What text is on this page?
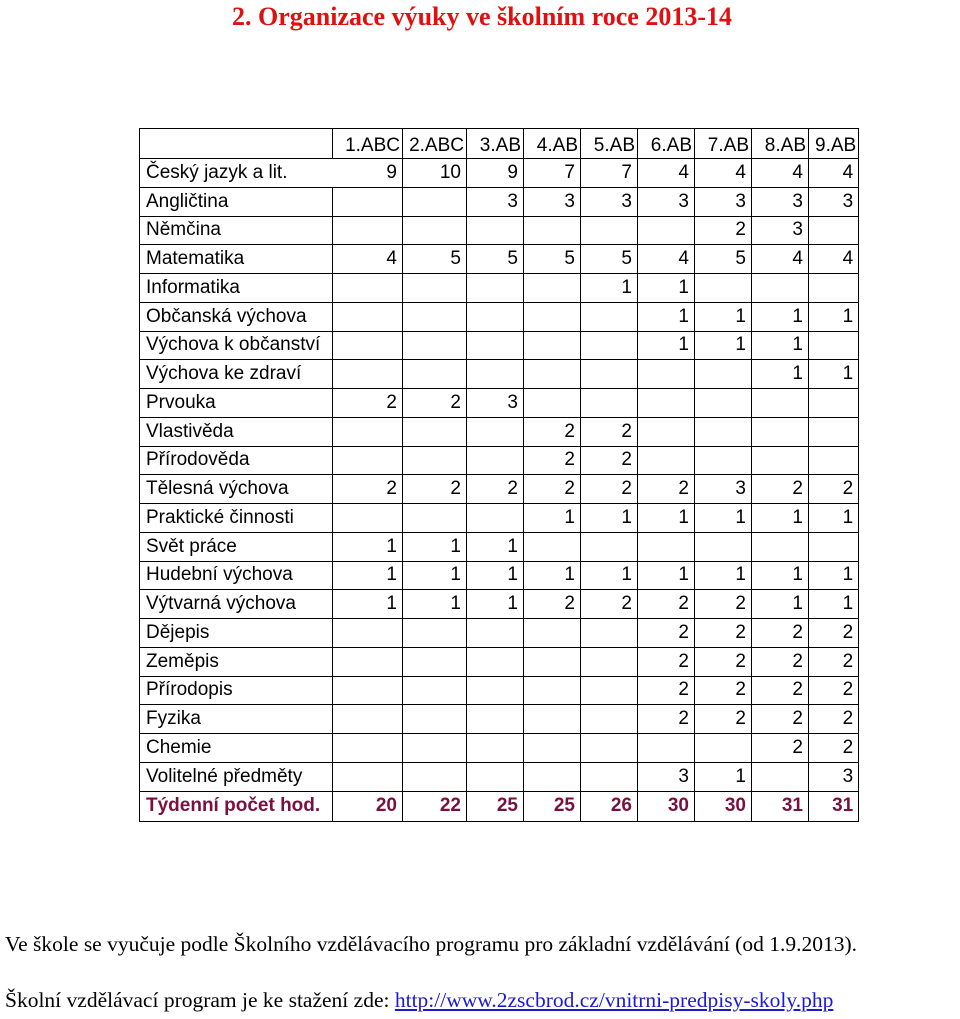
2. Organizace výuky ve školním roce 2013-14
	1.ABC	2.ABC	3.AB	4.AB	5.AB	6.AB	7.AB	8.AB	9.AB
Český jazyk a lit.	9	10	9	7	7	4	4	4	4
Angličtina			3	3	3	3	3	3	3
Němčina							2	3	
Matematika	4	5	5	5	5	4	5	4	4
Informatika					1	1			
Občanská výchova						1	1	1	1
Výchova k občanství						1	1	1	
Výchova ke zdraví								1	1
Prvouka	2	2	3						
Vlastivěda				2	2				
Přírodověda				2	2				
Tělesná výchova	2	2	2	2	2	2	3	2	2
Praktické činnosti				1	1	1	1	1	1
Svět práce	1	1	1						
Hudební výchova	1	1	1	1	1	1	1	1	1
Výtvarná výchova	1	1	1	2	2	2	2	1	1
Dějepis						2	2	2	2
Zeměpis						2	2	2	2
Přírodopis						2	2	2	2
Fyzika						2	2	2	2
Chemie								2	2
Volitelné předměty						3	1		3
Týdenní počet hod.	20	22	25	25	26	30	30	31	31
Ve škole se vyučuje podle Školního vzdělávacího programu pro základní vzdělávání (od 1.9.2013).
Školní vzdělávací program je ke stažení zde: http://www.2zscbrod.cz/vnitrni-predpisy-skoly.php
